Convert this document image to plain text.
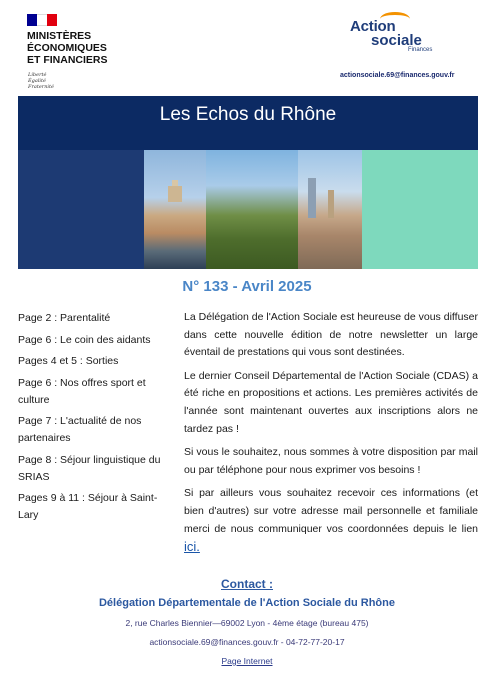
MINISTÈRES
ÉCONOMIQUES
ET FINANCIERS
Liberté
Égalité
Fraternité
Action
sociale
Finances
actionsociale.69@finances.gouv.fr
Les Echos du Rhône
N° 133 - Avril 2025
Page 2 : Parentalité
Page 6 : Le coin des aidants
Pages 4 et 5 : Sorties
Page 6 : Nos offres sport et culture
Page 7 : L'actualité de nos partenaires
Page 8 : Séjour linguistique du SRIAS
Pages 9 à 11 : Séjour à Saint-Lary

La Délégation de l'Action Sociale est heureuse de vous diffuser dans cette nouvelle édition de notre newsletter un large éventail de prestations qui vous sont destinées.

Le dernier Conseil Départemental de l'Action Sociale (CDAS) a été riche en propositions et actions. Les premières activités de l'année sont maintenant ouvertes aux inscriptions alors ne tardez pas !

Si vous le souhaitez, nous sommes à votre disposition par mail ou par téléphone pour nous exprimer vos besoins !

Si par ailleurs vous souhaitez recevoir ces informations (et bien d'autres) sur votre adresse mail personnelle et familiale merci de nous communiquer vos coordonnées depuis le lien ici.

Contact :
Délégation Départementale de l'Action Sociale du Rhône
2, rue Charles Biennier—69002 Lyon - 4ème étage (bureau 475)
actionsociale.69@finances.gouv.fr - 04-72-77-20-17
Page Internet
